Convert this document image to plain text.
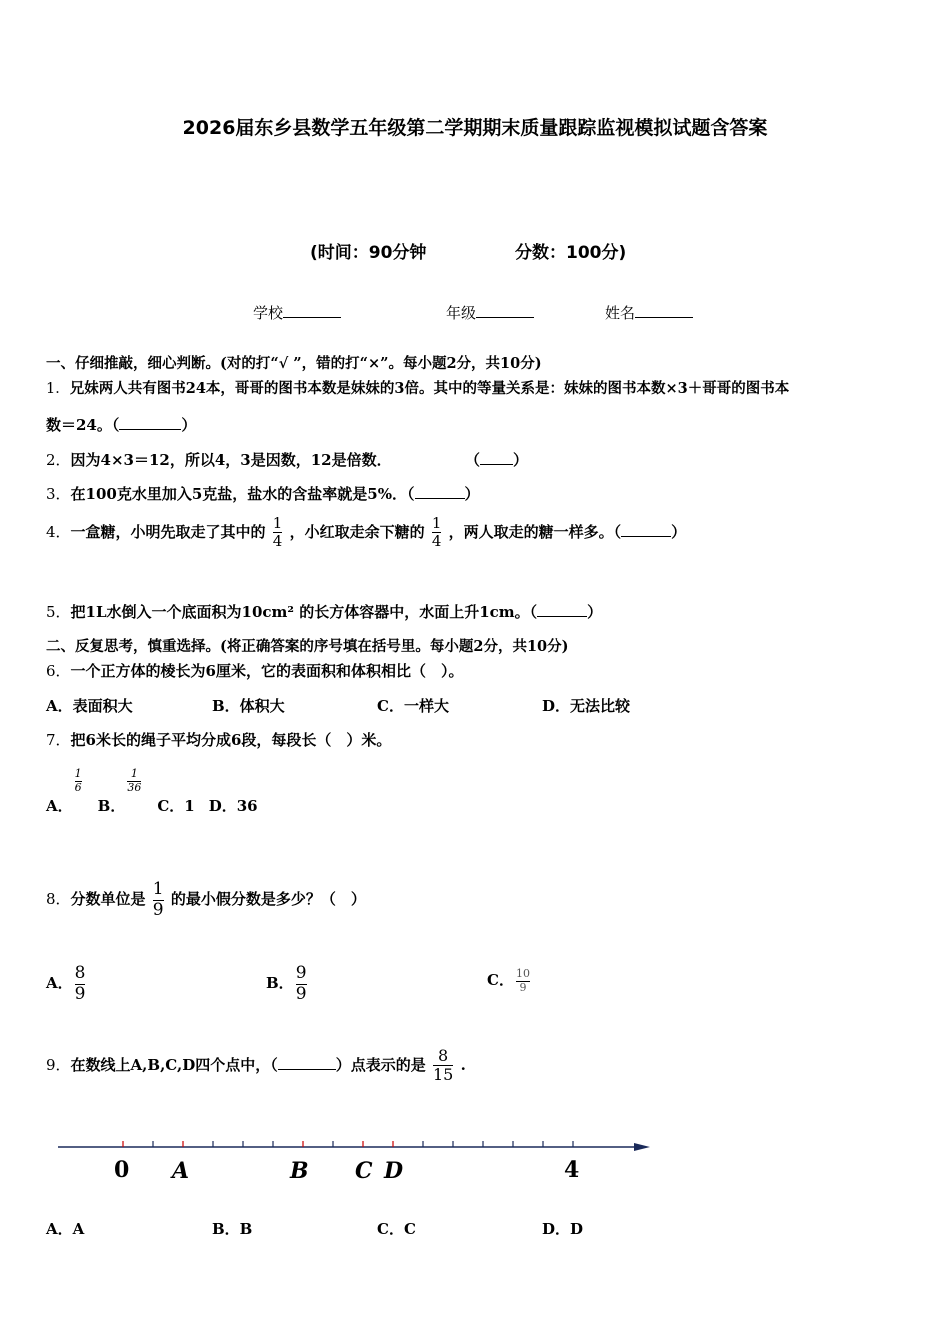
2026届东乡县数学五年级第二学期期末质量跟踪监视模拟试题含答案
(时间：90分钟	分数：100分)
学校	年级	姓名
一、仔细推敲，细心判断。(对的打“√ ”，错的打“×”。每小题2分，共10分)
1．兄妹两人共有图书24本，哥哥的图书本数是妹妹的3倍。其中的等量关系是：妹妹的图书本数×3＋哥哥的图书本
数＝24。（	）
2．因为4×3＝12，所以4，3是因数，12是倍数．	（ ）
3．在100克水里加入5克盐，盐水的含盐率就是5%．（	）
4．一盒糖，小明先取走了其中的 $\frac{1}{4}$ ，小红取走余下糖的 $\frac{1}{4}$ ，两人取走的糖一样多。（	）
5．把1L水倒入一个底面积为10cm² 的长方体容器中，水面上升1cm。（	）
二、反复思考，慎重选择。(将正确答案的序号填在括号里。每小题2分，共10分)
6．一个正方体的棱长为6厘米，它的表面积和体积相比（　）。
A．表面积大	B．体积大	C．一样大	D．无法比较
7．把6米长的绳子平均分成6段，每段长（　）米。
A．
$\frac{1}{6}$
B．
$\frac{1}{36}$
C．1 D．36
8．分数单位是 $\frac{1}{9}$ 的最小假分数是多少？（　）
A． $\frac{8}{9}$	B． $\frac{9}{9}$	C． $\frac{10}{9}$
9．在数线上A,B,C,D四个点中，（	）点表示的是 $\frac{8}{15}$ .
0 A	B C D	4
A．A	B．B	C．C	D．D
